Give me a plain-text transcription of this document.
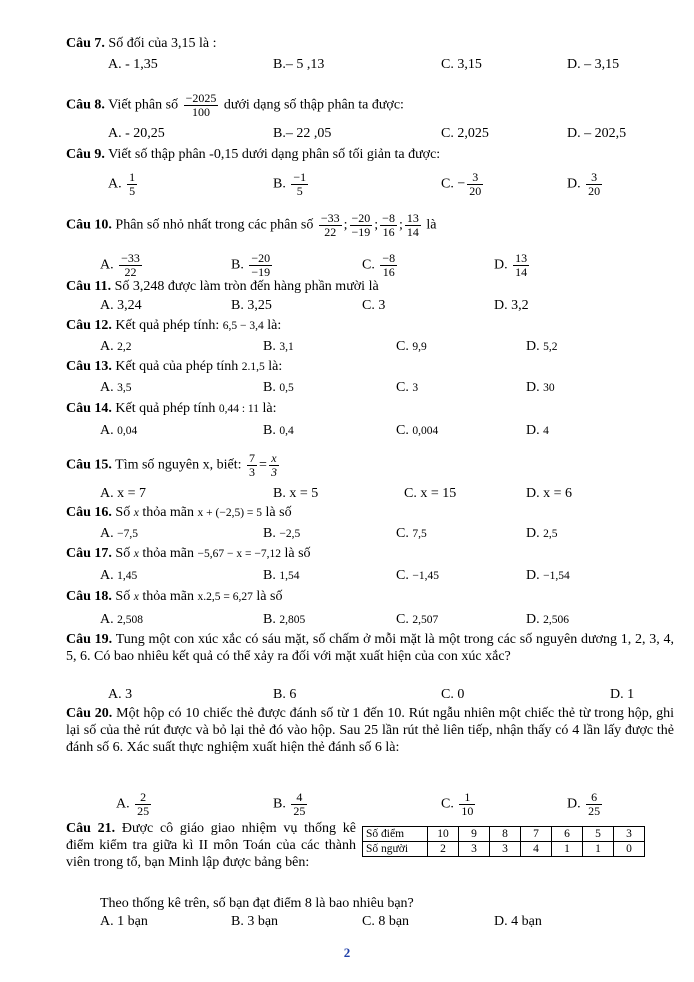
Câu 7. Số đối của 3,15 là :
A. - 1,35	B.– 5 ,13	C. 3,15	D. – 3,15
Câu 8. Viết phân số $\frac{-2025}{100}$ dưới dạng số thập phân ta được:
A. - 20,25	B.– 22 ,05	C. 2,025	D. – 202,5
Câu 9. Viết số thập phân -0,15 dưới dạng phân số tối giản ta được:
A. $\frac{1}{5}$	B. $\frac{-1}{5}$	C. − $\frac{3}{20}$	D. $\frac{3}{20}$
Câu 10. Phân số nhỏ nhất trong các phân số $\frac{-33}{22}$ ; $\frac{-20}{-19}$ ; $\frac{-8}{16}$ ; $\frac{13}{14}$ là
A. $\frac{-33}{22}$	B. $\frac{-20}{-19}$	C. $\frac{-8}{16}$	D. $\frac{13}{14}$
Câu 11. Số 3,248 được làm tròn đến hàng phần mười là
A. 3,24	B. 3,25	C. 3	D. 3,2
Câu 12. Kết quả phép tính: 6,5 − 3,4 là:
A. 2,2	B. 3,1	C. 9,9	D. 5,2
Câu 13. Kết quả của phép tính 2.1,5 là:
A. 3,5	B. 0,5	C. 3	D. 30
Câu 14. Kết quả phép tính 0,44 : 11 là:
A. 0,04	B. 0,4	C. 0,004	D. 4
Câu 15. Tìm số nguyên x, biết: $\frac{7}{3} = \frac{x}{3}$
A. x = 7	B. x = 5	C. x = 15	D. x = 6
Câu 16. Số x thỏa mãn x + (−2,5) = 5 là số
A. −7,5	B. −2,5	C. 7,5	D. 2,5
Câu 17. Số x thỏa mãn −5,67 − x = −7,12 là số
A. 1,45	B. 1,54	C. −1,45	D. −1,54
Câu 18. Số x thỏa mãn x.2,5 = 6,27 là số
A. 2,508	B. 2,805	C. 2,507	D. 2,506
Câu 19. Tung một con xúc xắc có sáu mặt, số chấm ở mỗi mặt là một trong các số nguyên dương 1, 2, 3, 4, 5, 6. Có bao nhiêu kết quả có thể xảy ra đối với mặt xuất hiện của con xúc xắc?
A. 3	B. 6	C. 0	D. 1
Câu 20. Một hộp có 10 chiếc thẻ được đánh số từ 1 đến 10. Rút ngẫu nhiên một chiếc thẻ từ trong hộp, ghi lại số của thẻ rút được và bỏ lại thẻ đó vào hộp. Sau 25 lần rút thẻ liên tiếp, nhận thấy có 4 lần lấy được thẻ đánh số 6. Xác suất thực nghiệm xuất hiện thẻ đánh số 6 là:
A. $\frac{2}{25}$	B. $\frac{4}{25}$	C. $\frac{1}{10}$	D. $\frac{6}{25}$
Câu 21. Được cô giáo giao nhiệm vụ thống kê điểm kiểm tra giữa kì II môn Toán của các thành viên trong tổ, bạn Minh lập được bảng bên:
Số điểm	10	9	8	7	6	5	3
Số người	2	3	3	4	1	1	0
Theo thống kê trên, số bạn đạt điểm 8 là bao nhiêu bạn?
A. 1 bạn	B. 3 bạn	C. 8 bạn	D. 4 bạn
2
